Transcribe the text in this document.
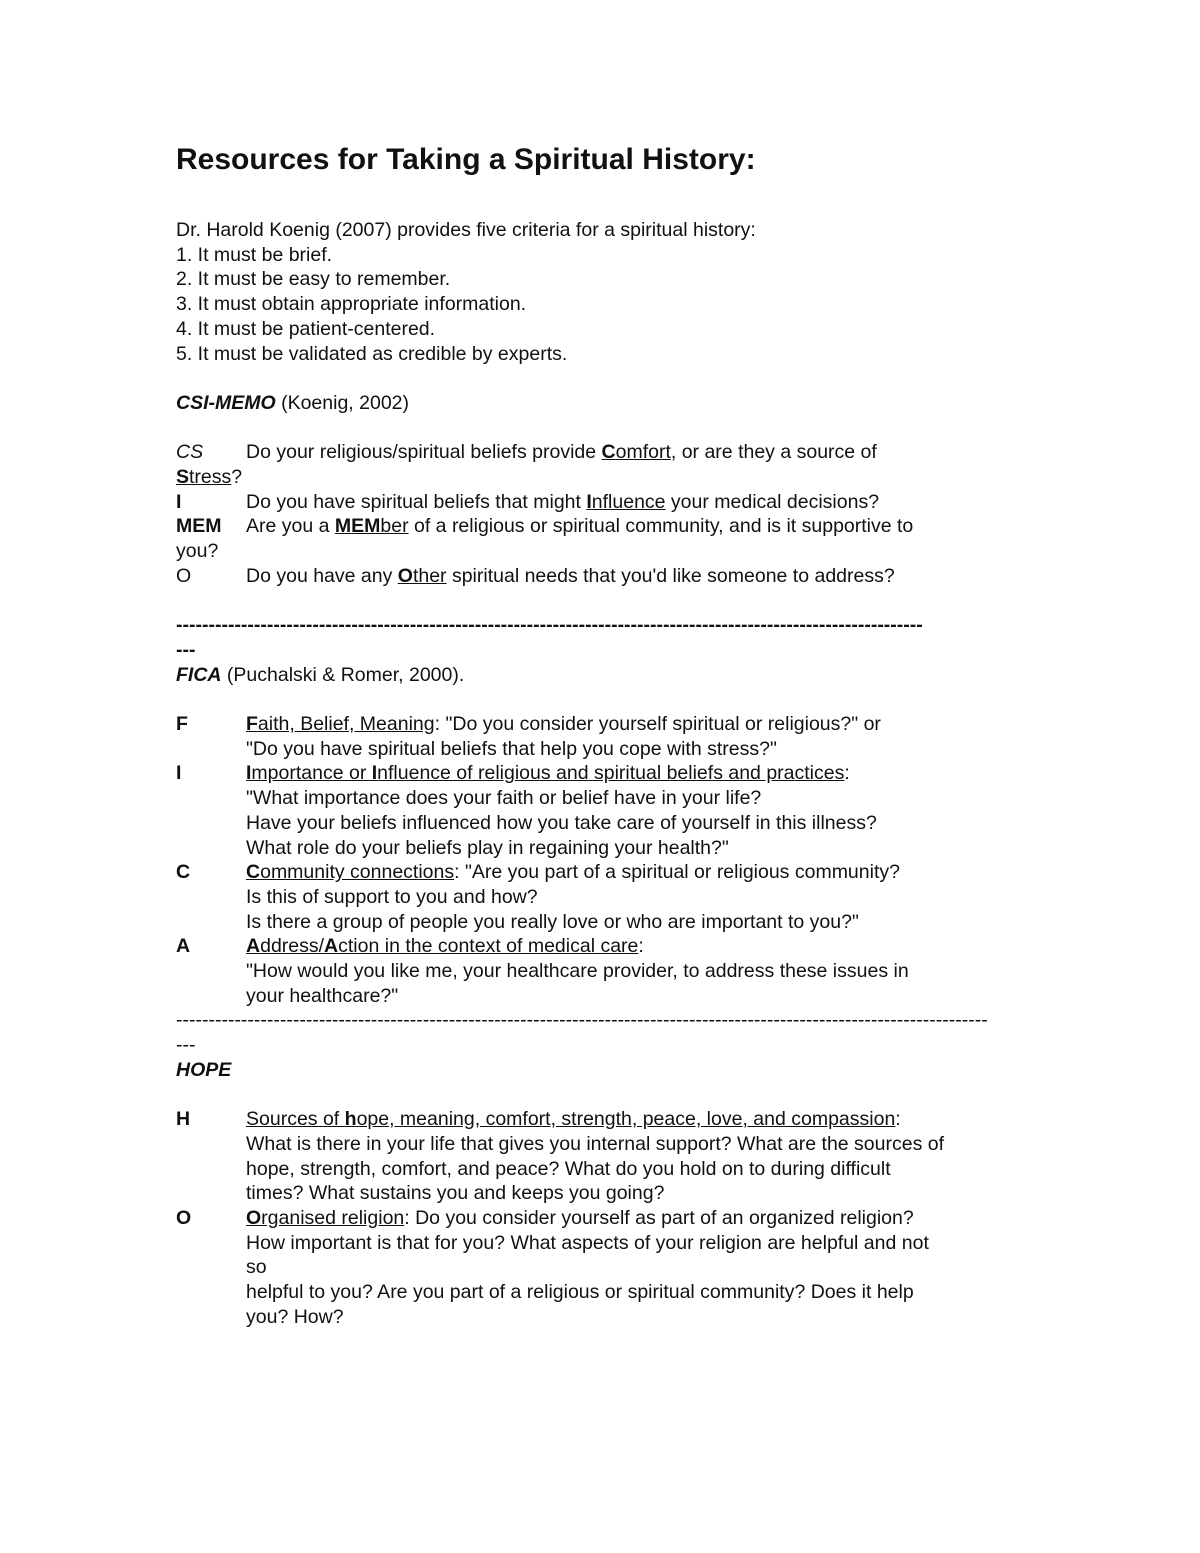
Resources for Taking a Spiritual History:

Dr. Harold Koenig (2007) provides five criteria for a spiritual history:

1. It must be brief.

2. It must be easy to remember.

3. It must obtain appropriate information.

4. It must be patient-centered.

5. It must be validated as credible by experts.

CSI-MEMO (Koenig, 2002)

CS Do your religious/spiritual beliefs provide Comfort, or are they a source of
Stress?
I	Do you have spiritual beliefs that might Influence your medical decisions?
MEM Are you a MEMber of a religious or spiritual community, and is it supportive to
you?
O	Do you have any Other spiritual needs that you'd like someone to address?
-------------------------------------------------------------------------------------------------------------------
---

FICA (Puchalski & Romer, 2000).

F	Faith, Belief, Meaning: "Do you consider yourself spiritual or religious?" or
"Do you have spiritual beliefs that help you cope with stress?"
I	Importance or Influence of religious and spiritual beliefs and practices:
"What importance does your faith or belief have in your life?
Have your beliefs influenced how you take care of yourself in this illness?
What role do your beliefs play in regaining your health?"
C	Community connections: "Are you part of a spiritual or religious community?
Is this of support to you and how?
Is there a group of people you really love or who are important to you?"
A	Address/Action in the context of medical care:
"How would you like me, your healthcare provider, to address these issues in
your healthcare?"
-----------------------------------------------------------------------------------------------------------------------------
---

HOPE

H	Sources of hope, meaning, comfort, strength, peace, love, and compassion:
What is there in your life that gives you internal support? What are the sources of
hope, strength, comfort, and peace? What do you hold on to during difficult
times? What sustains you and keeps you going?
O	Organised religion: Do you consider yourself as part of an organized religion?
How important is that for you? What aspects of your religion are helpful and not
so
helpful to you? Are you part of a religious or spiritual community? Does it help
you? How?
